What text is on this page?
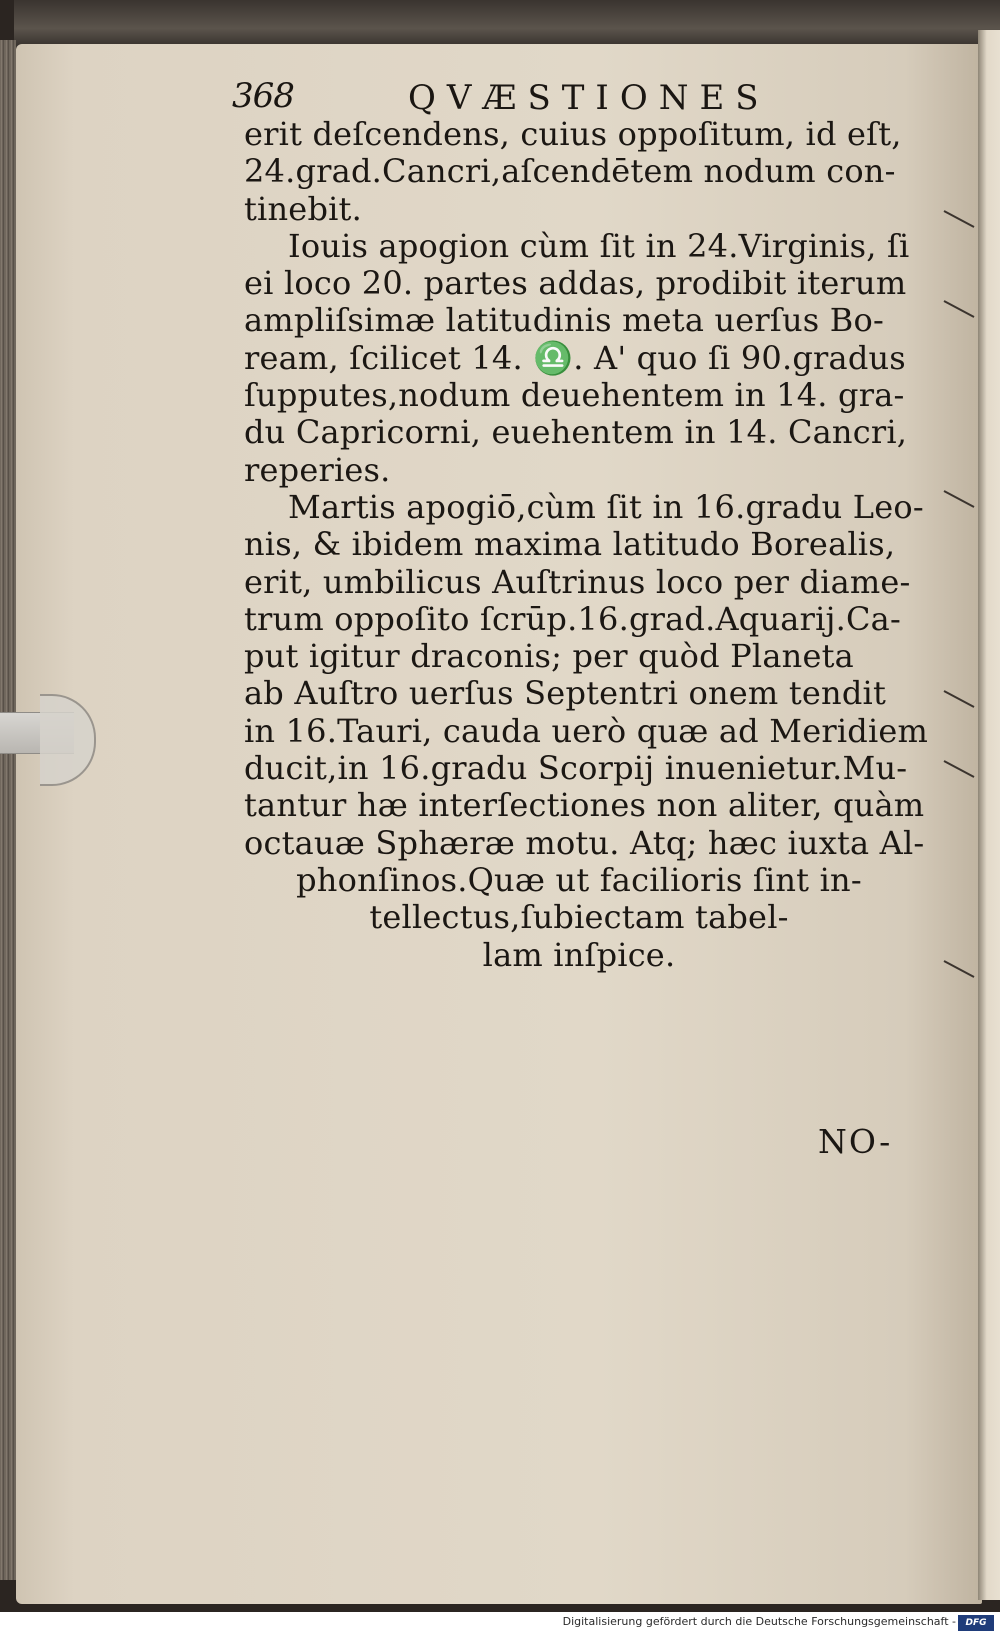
368	QVÆSTIONES
erit deſcendens, cuius oppoſitum, id eſt,
24.grad.Cancri,aſcendētem nodum con-
tinebit.
Iouis apogion cùm ſit in 24.Virginis, ſi
ei loco 20. partes addas, prodibit iterum
ampliſsimæ latitudinis meta uerſus Bo-
ream, ſcilicet 14. ♎. A' quo ſi 90.gradus
ſupputes,nodum deuehentem in 14. gra-
du Capricorni, euehentem in 14. Cancri,
reperies.
Martis apogiō,cùm ſit in 16.gradu Leo-
nis, & ibidem maxima latitudo Borealis,
erit, umbilicus Auſtrinus loco per diame-
trum oppoſito ſcrūp.16.grad.Aquarij.Ca-
put igitur draconis; per quòd Planeta
ab Auſtro uerſus Septentri onem tendit
in 16.Tauri, cauda uerò quæ ad Meridiem
ducit,in 16.gradu Scorpij inuenietur.Mu-
tantur hæ interſectiones non aliter, quàm
octauæ Sphæræ motu. Atq; hæc iuxta Al-
phonſinos.Quæ ut facilioris ſint in-
tellectus,ſubiectam tabel-
lam inſpice.
NO-
Digitalisierung gefördert durch die Deutsche Forschungsgemeinschaft -	DFG
